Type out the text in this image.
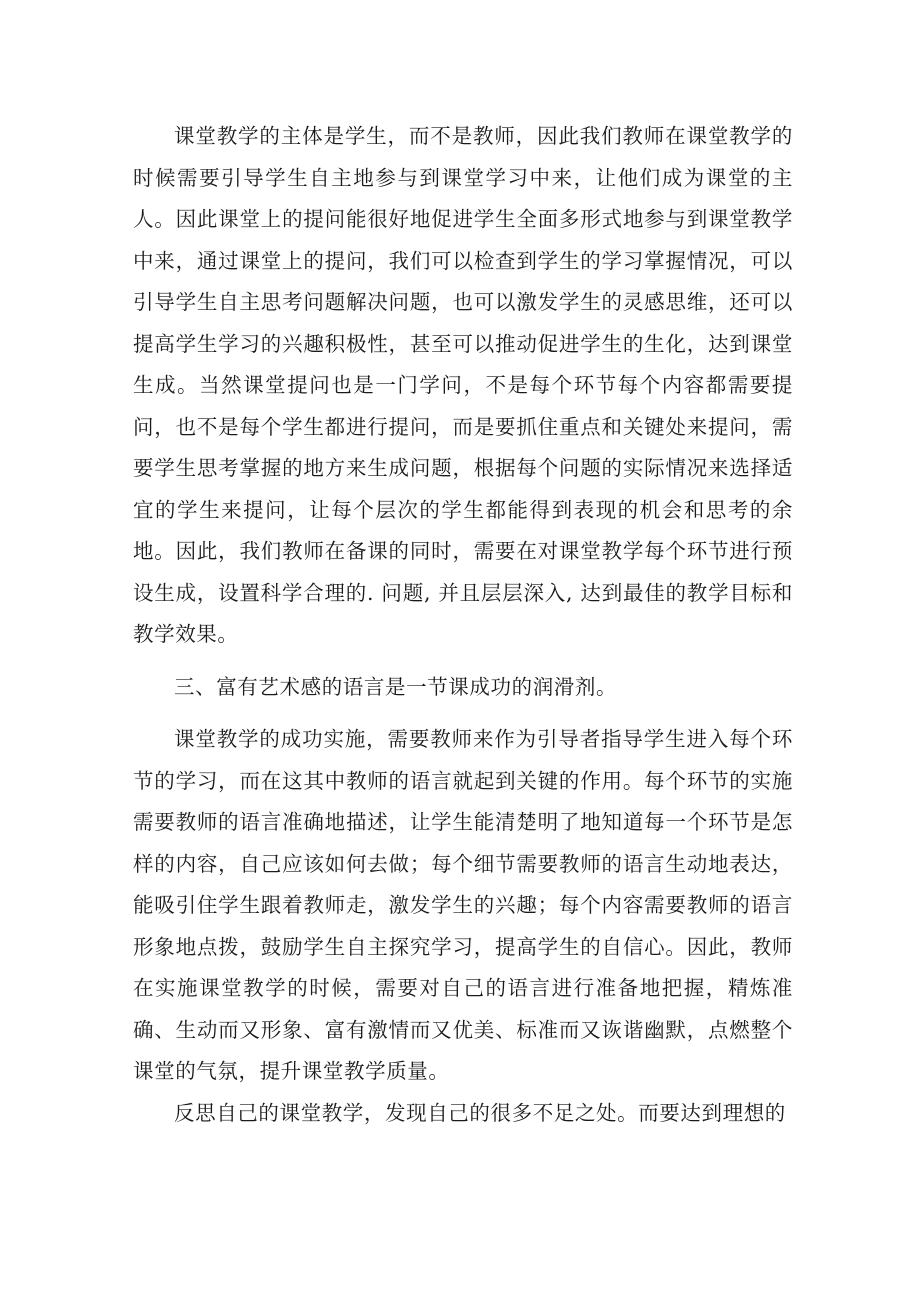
课堂教学的主体是学生，而不是教师，因此我们教师在课堂教学的时候需要引导学生自主地参与到课堂学习中来，让他们成为课堂的主人。因此课堂上的提问能很好地促进学生全面多形式地参与到课堂教学中来，通过课堂上的提问，我们可以检查到学生的学习掌握情况，可以引导学生自主思考问题解决问题，也可以激发学生的灵感思维，还可以提高学生学习的兴趣积极性，甚至可以推动促进学生的生化，达到课堂生成。当然课堂提问也是一门学问，不是每个环节每个内容都需要提问，也不是每个学生都进行提问，而是要抓住重点和关键处来提问，需要学生思考掌握的地方来生成问题，根据每个问题的实际情况来选择适宜的学生来提问，让每个层次的学生都能得到表现的机会和思考的余地。因此，我们教师在备课的同时，需要在对课堂教学每个环节进行预设生成，设置科学合理的. 问题, 并且层层深入, 达到最佳的教学目标和教学效果。

三、富有艺术感的语言是一节课成功的润滑剂。

课堂教学的成功实施，需要教师来作为引导者指导学生进入每个环节的学习，而在这其中教师的语言就起到关键的作用。每个环节的实施需要教师的语言准确地描述，让学生能清楚明了地知道每一个环节是怎样的内容，自己应该如何去做；每个细节需要教师的语言生动地表达，能吸引住学生跟着教师走，激发学生的兴趣；每个内容需要教师的语言形象地点拨，鼓励学生自主探究学习，提高学生的自信心。因此，教师在实施课堂教学的时候，需要对自己的语言进行准备地把握，精炼准确、生动而又形象、富有激情而又优美、标准而又诙谐幽默，点燃整个课堂的气氛，提升课堂教学质量。

反思自己的课堂教学，发现自己的很多不足之处。而要达到理想的
